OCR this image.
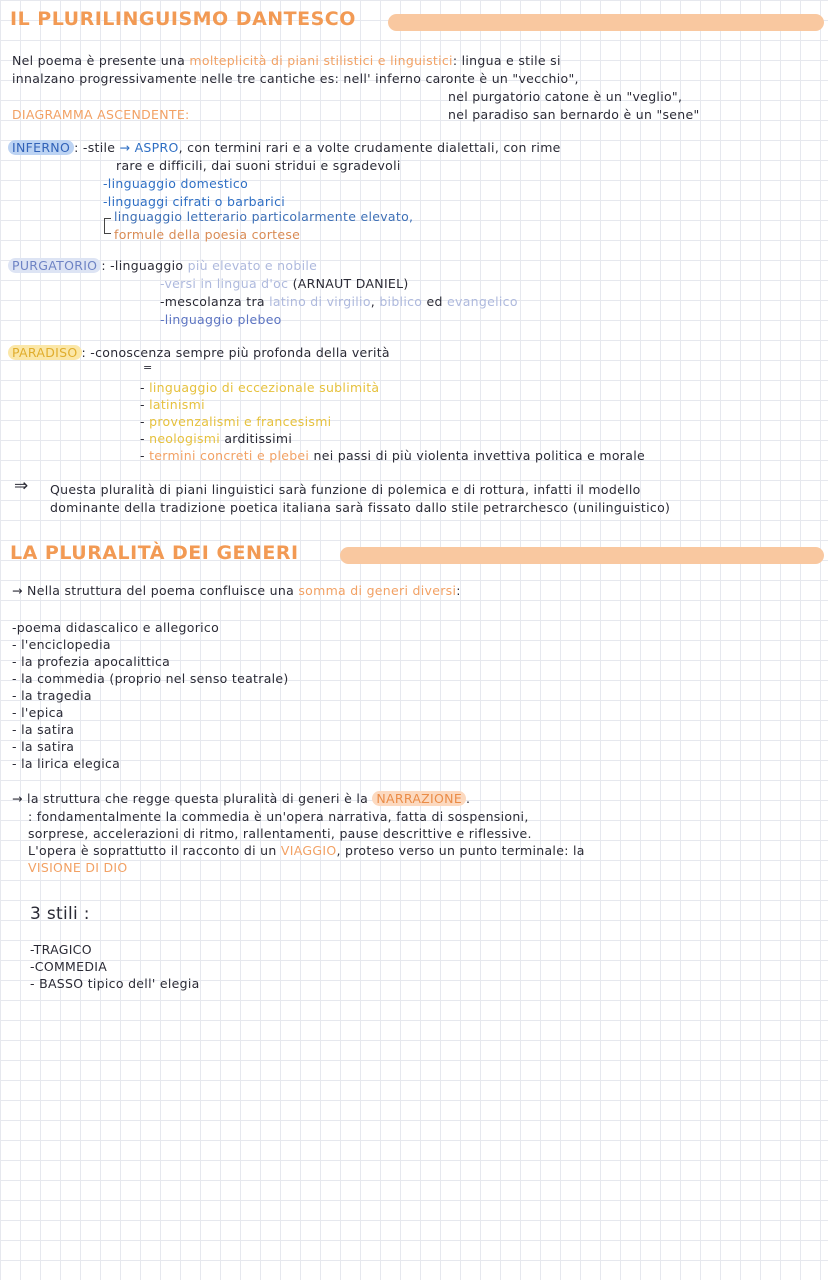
IL PLURILINGUISMO DANTESCO
Nel poema è presente una molteplicità di piani stilistici e linguistici: lingua e stile si
innalzano progressivamente nelle tre cantiche es: nell' inferno caronte è un "vecchio",
nel purgatorio catone è un "veglio",
nel paradiso san bernardo è un "sene"
DIAGRAMMA ASCENDENTE:
INFERNO : -stile → ASPRO, con termini rari e a volte crudamente dialettali, con rime
rare e difficili, dai suoni stridui e sgradevoli
-linguaggio domestico
-linguaggi cifrati o barbarici
linguaggio letterario particolarmente elevato,
formule della poesia cortese
PURGATORIO : -linguaggio più elevato e nobile
-versi in lingua d'oc (ARNAUT DANIEL)
-mescolanza tra latino di virgilio, biblico ed evangelico
-linguaggio plebeo
PARADISO : -conoscenza sempre più profonda della verità
=
- linguaggio di eccezionale sublimità
- latinismi
- provenzalismi e francesismi
- neologismi arditissimi
- termini concreti e plebei nei passi di più violenta invettiva politica e morale
⇒ Questa pluralità di piani linguistici sarà funzione di polemica e di rottura, infatti il modello
dominante della tradizione poetica italiana sarà fissato dallo stile petrarchesco (unilinguistico)
LA PLURALITÀ DEI GENERI
→ Nella struttura del poema confluisce una somma di generi diversi:
-poema didascalico e allegorico
- l'enciclopedia
- la profezia apocalittica
- la commedia (proprio nel senso teatrale)
- la tragedia
- l'epica
- la satira
- la satira
- la lirica elegica
→ la struttura che regge questa pluralità di generi è la NARRAZIONE .
: fondamentalmente la commedia è un'opera narrativa, fatta di sospensioni,
sorprese, accelerazioni di ritmo, rallentamenti, pause descrittive e riflessive.
L'opera è soprattutto il racconto di un VIAGGIO, proteso verso un punto terminale: la
VISIONE DI DIO
3 stili :
-TRAGICO
-COMMEDIA
- BASSO tipico dell' elegia
